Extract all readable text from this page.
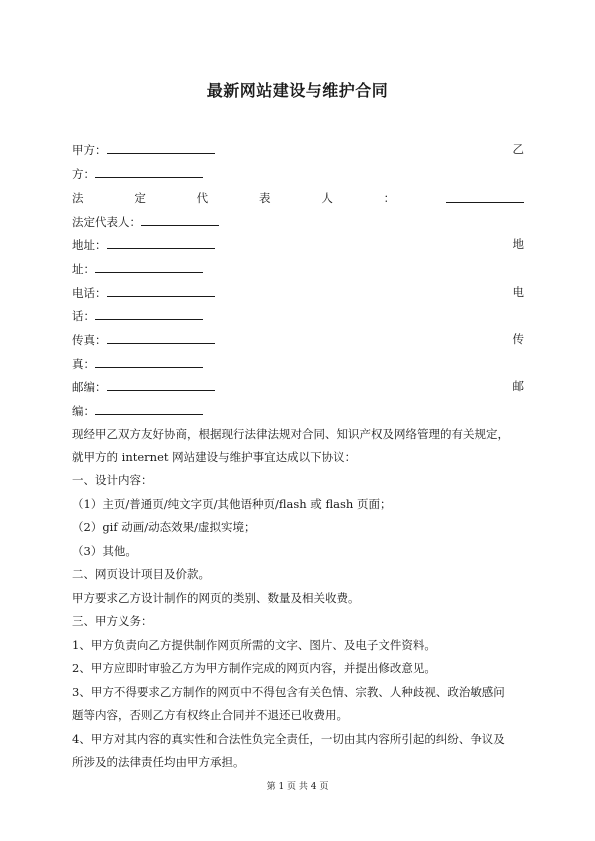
最新网站建设与维护合同
甲方：	乙
方：
法	定	代	表	人	：
法定代表人：
地址：	地
址：
电话：	电
话：
传真：	传
真：
邮编：	邮
编：
现经甲乙双方友好协商，根据现行法律法规对合同、知识产权及网络管理的有关规定，
就甲方的 internet 网站建设与维护事宜达成以下协议：
一、设计内容：
（1）主页/普通页/纯文字页/其他语种页/flash 或 flash 页面；
（2）gif 动画/动态效果/虚拟实境；
（3）其他。
二、网页设计项目及价款。
甲方要求乙方设计制作的网页的类别、数量及相关收费。
三、甲方义务：
1、甲方负责向乙方提供制作网页所需的文字、图片、及电子文件资料。
2、甲方应即时审验乙方为甲方制作完成的网页内容，并提出修改意见。
3、甲方不得要求乙方制作的网页中不得包含有关色情、宗教、人种歧视、政治敏感问
题等内容，否则乙方有权终止合同并不退还已收费用。
4、甲方对其内容的真实性和合法性负完全责任，一切由其内容所引起的纠纷、争议及
所涉及的法律责任均由甲方承担。
第 1 页 共 4 页
